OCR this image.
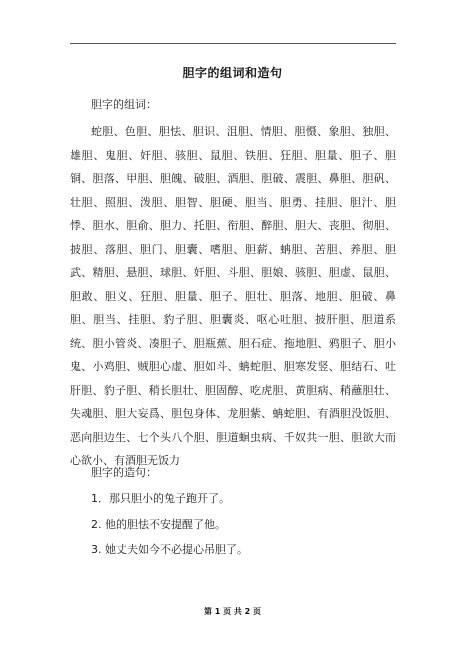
胆字的组词和造句
胆字的组词：

蛇胆、色胆、胆怯、胆识、沮胆、情胆、胆慑、象胆、独胆、雄胆、鬼胆、奸胆、骇胆、鼠胆、铁胆、狂胆、胆量、胆子、胆铜、胆落、甲胆、胆魄、破胆、酒胆、胆破、震胆、鼻胆、胆矾、壮胆、照胆、泼胆、胆智、胆硬、胆当、胆勇、挂胆、胆汁、胆悸、胆水、胆俞、胆力、托胆、衔胆、醉胆、胆大、丧胆、彻胆、披胆、落胆、胆门、胆囊、嗜胆、胆薪、蚺胆、苦胆、养胆、胆武、精胆、悬胆、球胆、奸胆、斗胆、胆娘、骇胆、胆虚、鼠胆、胆敢、胆义、狂胆、胆量、胆子、胆壮、胆落、地胆、胆破、鼻胆、胆当、挂胆、豹子胆、胆囊炎、呕心吐胆、披肝胆、胆道系统、胆小管炎、凑胆子、胆瓶蕉、胆石症、拖地胆、鸦胆子、胆小鬼、小鸡胆、贼胆心虚、胆如斗、蚺蛇胆、胆寒发竖、胆结石、吐肝胆、豹子胆、稍长胆壮、胆固醇、吃虎胆、黄胆病、稍蘸胆壮、失魂胆、胆大妄爲、胆包身体、龙胆紫、蚺蛇胆、有酒胆没饭胆、恶向胆边生、七个头八个胆、胆道蛔虫病、千奴共一胆、胆欲大而心欲小、有酒胆无饭力

胆字的造句：
1．那只胆小的兔子跑开了。
2. 他的胆怯不安提醒了他。
3. 她丈夫如今不必提心吊胆了。
第 1 页 共 2 页
